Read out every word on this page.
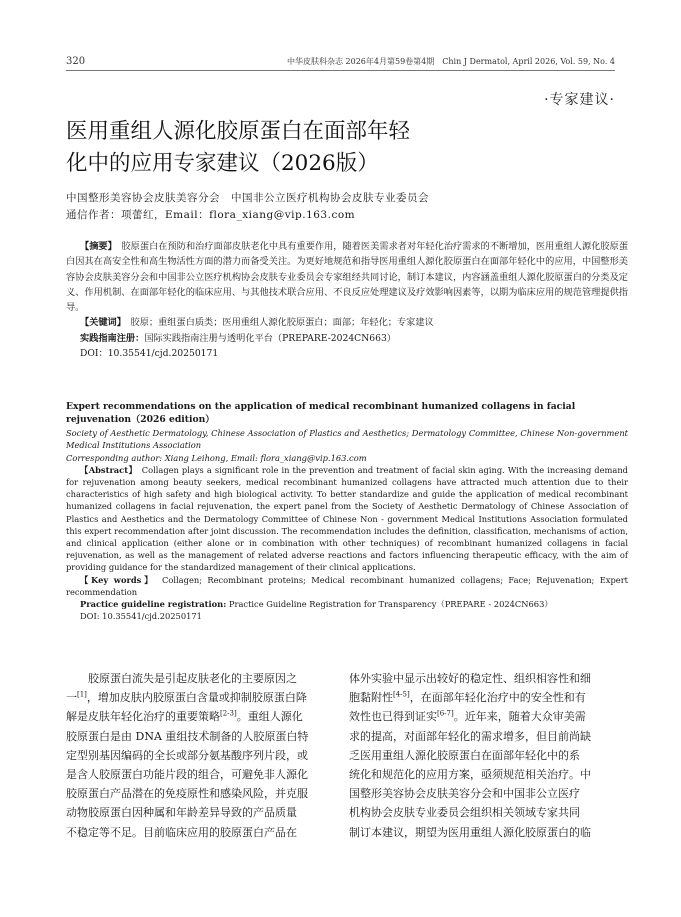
320	中华皮肤科杂志 2026年4月第59卷第4期　Chin J Dermatol, April 2026, Vol. 59, No. 4
·专家建议·
医用重组人源化胶原蛋白在面部年轻
化中的应用专家建议（2026版）
中国整形美容协会皮肤美容分会　中国非公立医疗机构协会皮肤专业委员会
通信作者：项蕾红，Email：flora_xiang@vip.163.com

【摘要】　 胶原蛋白在预防和治疗面部皮肤老化中具有重要作用，随着医美需求者对年轻化治疗需求的不断增加，医用重组人源化胶原蛋白因其在高安全性和高生物活性方面的潜力而备受关注。为更好地规范和指导医用重组人源化胶原蛋白在面部年轻化中的应用，中国整形美容协会皮肤美容分会和中国非公立医疗机构协会皮肤专业委员会专家组经共同讨论，制订本建议，内容涵盖重组人源化胶原蛋白的分类及定义、作用机制、在面部年轻化的临床应用、与其他技术联合应用、不良反应处理建议及疗效影响因素等，以期为临床应用的规范管理提供指导。

【关键词】　 胶原；重组蛋白质类；医用重组人源化胶原蛋白；面部；年轻化；专家建议

实践指南注册：国际实践指南注册与透明化平台（PREPARE-2024CN663）

DOI：10.35541/cjd.20250171

Expert recommendations on the application of medical recombinant humanized collagens in facial rejuvenation（2026 edition）

Society of Aesthetic Dermatology, Chinese Association of Plastics and Aesthetics; Dermatology Committee, Chinese Non-government Medical Institutions Association

Corresponding author: Xiang Leihong, Email: flora_xiang@vip.163.com

【Abstract】　 Collagen plays a significant role in the prevention and treatment of facial skin aging. With the increasing demand for rejuvenation among beauty seekers, medical recombinant humanized collagens have attracted much attention due to their characteristics of high safety and high biological activity. To better standardize and guide the application of medical recombinant humanized collagens in facial rejuvenation, the expert panel from the Society of Aesthetic Dermatology of Chinese Association of Plastics and Aesthetics and the Dermatology Committee of Chinese Non - government Medical Institutions Association formulated this expert recommendation after joint discussion. The recommendation includes the definition, classification, mechanisms of action, and clinical application (either alone or in combination with other techniques) of recombinant humanized collagens in facial rejuvenation, as well as the management of related adverse reactions and factors influencing therapeutic efficacy, with the aim of providing guidance for the standardized management of their clinical applications.

【Key words】　 Collagen; Recombinant proteins; Medical recombinant humanized collagens; Face; Rejuvenation; Expert recommendation

Practice guideline registration: Practice Guideline Registration for Transparency（PREPARE - 2024CN663）

DOI: 10.35541/cjd.20250171

　　胶原蛋白流失是引起皮肤老化的主要原因之
一[1]，增加皮肤内胶原蛋白含量或抑制胶原蛋白降
解是皮肤年轻化治疗的重要策略[2-3]。重组人源化
胶原蛋白是由 DNA 重组技术制备的人胶原蛋白特
定型别基因编码的全长或部分氨基酸序列片段，或
是含人胶原蛋白功能片段的组合，可避免非人源化
胶原蛋白产品潜在的免疫原性和感染风险，并克服
动物胶原蛋白因种属和年龄差异导致的产品质量
不稳定等不足。目前临床应用的胶原蛋白产品在
体外实验中显示出较好的稳定性、组织相容性和细
胞黏附性[4-5]，在面部年轻化治疗中的安全性和有
效性也已得到证实[6-7]。近年来，随着大众审美需
求的提高，对面部年轻化的需求增多，但目前尚缺
乏医用重组人源化胶原蛋白在面部年轻化中的系
统化和规范化的应用方案，亟须规范相关治疗。中
国整形美容协会皮肤美容分会和中国非公立医疗
机构协会皮肤专业委员会组织相关领域专家共同
制订本建议，期望为医用重组人源化胶原蛋白的临
